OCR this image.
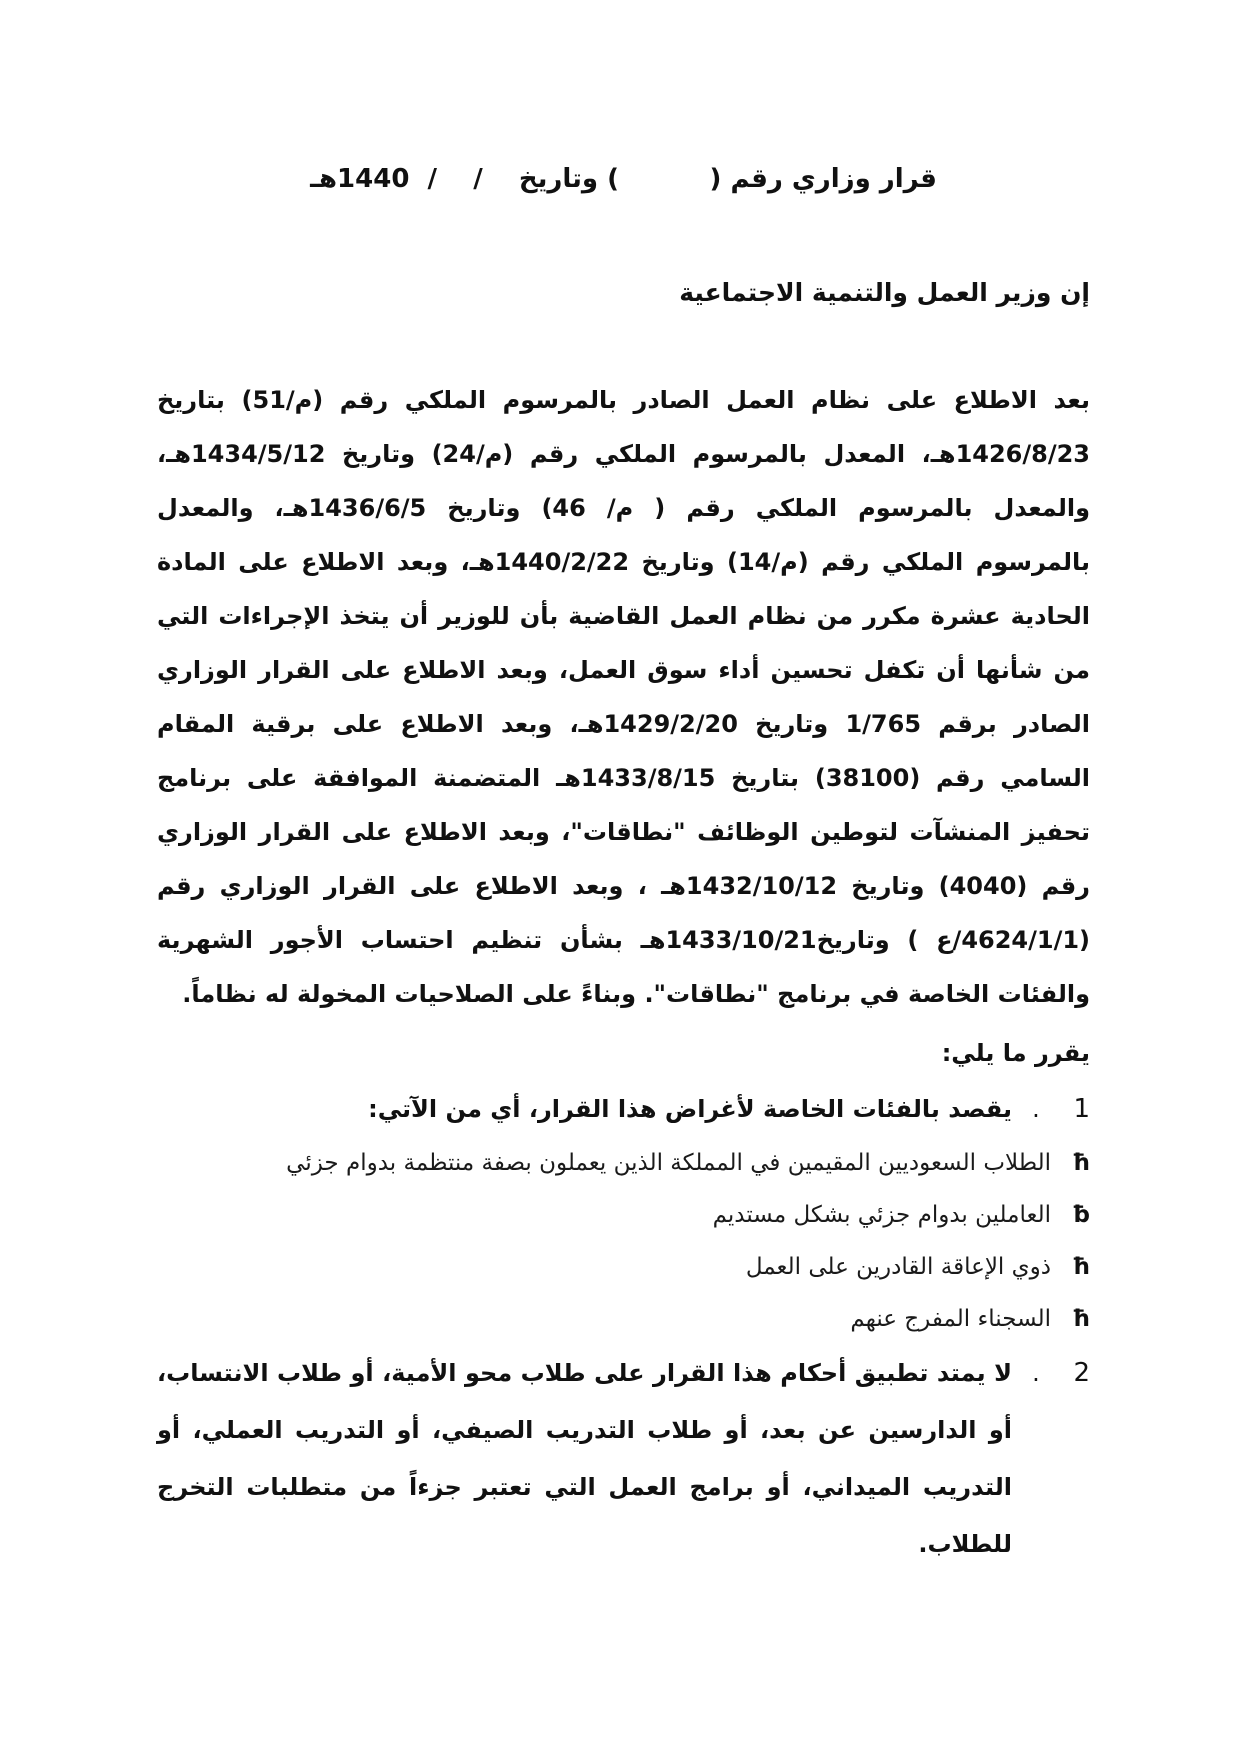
قرار وزاري رقم (          ) وتاريخ    /    /  1440هـ
إن وزير العمل والتنمية الاجتماعية
بعد الاطلاع على نظام العمل الصادر بالمرسوم الملكي رقم (م/51) بتاريخ 1426/8/23هـ، المعدل بالمرسوم الملكي رقم (م/24) وتاريخ 1434/5/12هـ، والمعدل بالمرسوم الملكي رقم ( م/ 46) وتاريخ 1436/6/5هـ، والمعدل بالمرسوم الملكي رقم (م/14) وتاريخ 1440/2/22هـ، وبعد الاطلاع على المادة الحادية عشرة مكرر من نظام العمل القاضية بأن للوزير أن يتخذ الإجراءات التي من شأنها أن تكفل تحسين أداء سوق العمل، وبعد الاطلاع على القرار الوزاري الصادر برقم 1/765 وتاريخ 1429/2/20هـ، وبعد الاطلاع على برقية المقام السامي رقم (38100) بتاريخ 1433/8/15هـ المتضمنة الموافقة على برنامج تحفيز المنشآت لتوطين الوظائف "نطاقات"، وبعد الاطلاع على القرار الوزاري رقم (4040) وتاريخ 1432/10/12هـ ، وبعد الاطلاع على القرار الوزاري رقم (4624/1/1/ع ) وتاريخ1433/10/21هـ بشأن تنظيم احتساب الأجور الشهرية والفئات الخاصة في برنامج "نطاقات". وبناءً على الصلاحيات المخولة له نظاماً.
يقرر ما يلي:
1
.
يقصد بالفئات الخاصة لأغراض هذا القرار، أي من الآتي:
ħ
الطلاب السعوديين المقيمين في المملكة الذين يعملون بصفة منتظمة بدوام جزئي
ƀ
العاملين بدوام جزئي بشكل مستديم
ħ
ذوي الإعاقة القادرين على العمل
ħ
السجناء المفرج عنهم
2
.
لا يمتد تطبيق أحكام هذا القرار على طلاب محو الأمية، أو طلاب الانتساب، أو الدارسين عن بعد، أو طلاب التدريب الصيفي، أو التدريب العملي، أو التدريب الميداني، أو برامج العمل التي تعتبر جزءاً من متطلبات التخرج للطلاب.
